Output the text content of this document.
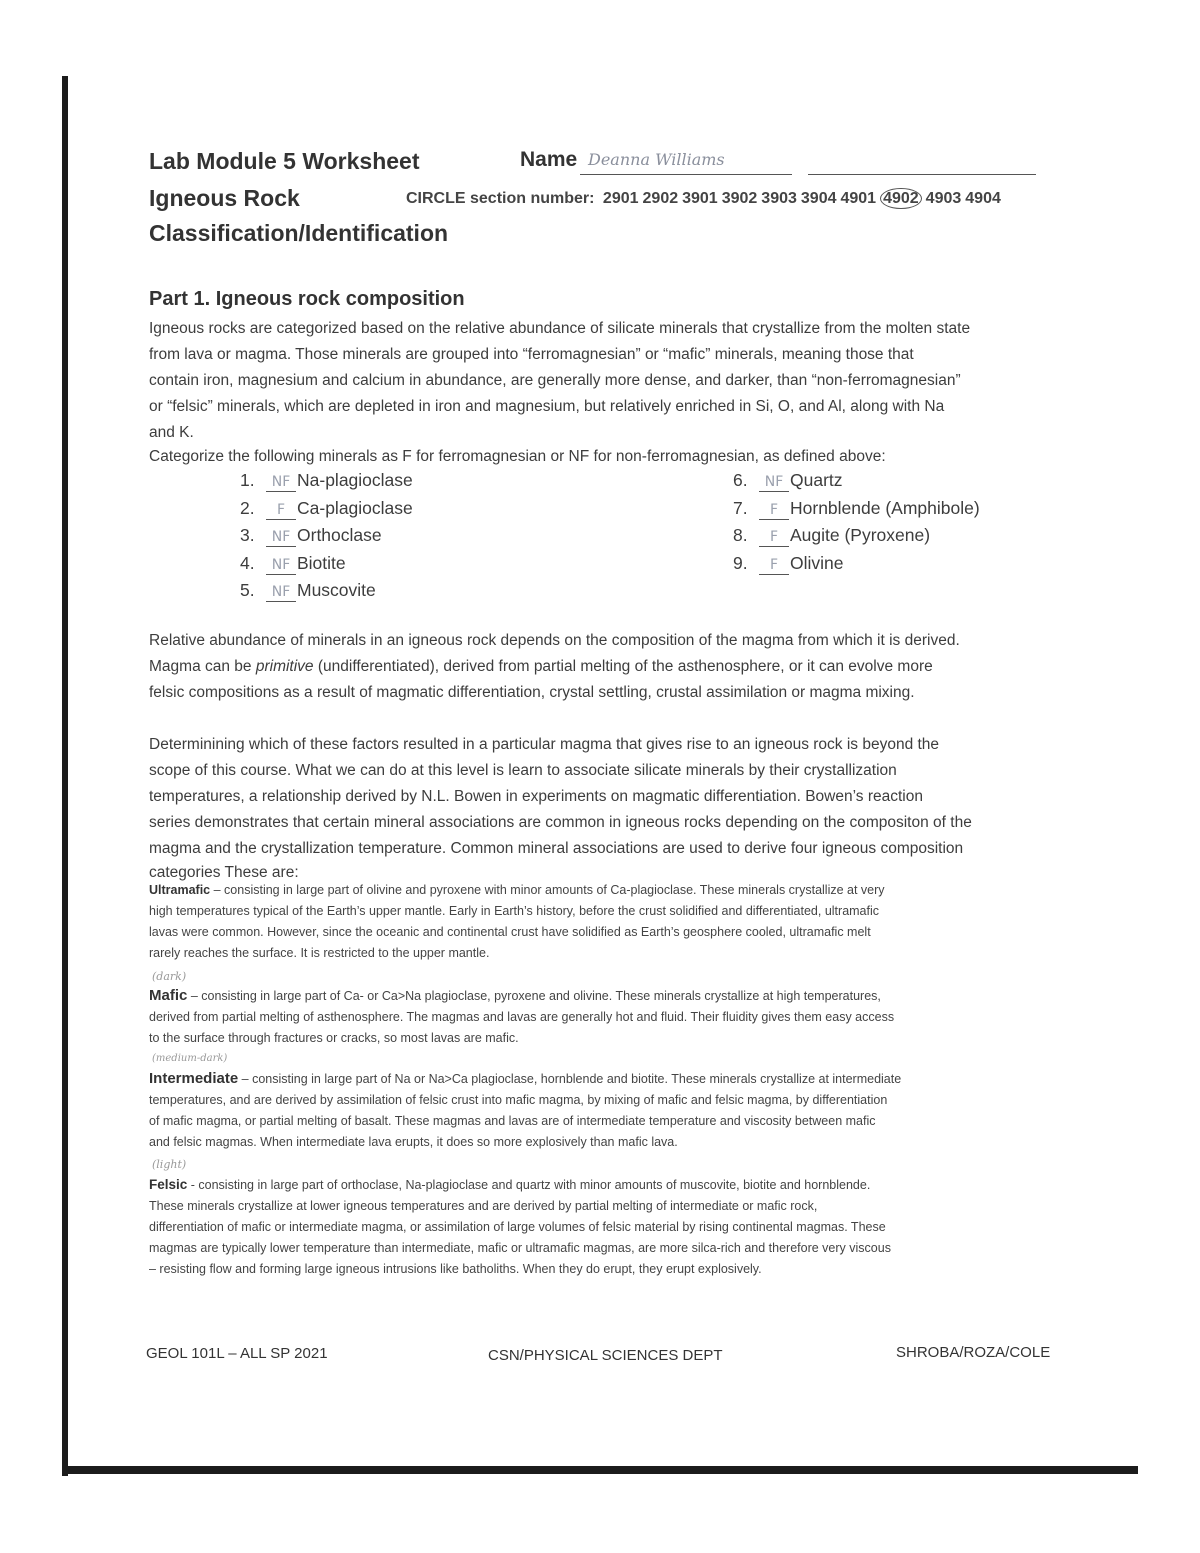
Lab Module 5 Worksheet
Igneous Rock
Classification/Identification
Name Deanna Williams
CIRCLE section number: 2901 2902 3901 3902 3903 3904 4901 4902 4903 4904
Part 1. Igneous rock composition
Igneous rocks are categorized based on the relative abundance of silicate minerals that crystallize from the molten state
from lava or magma. Those minerals are grouped into “ferromagnesian” or “mafic” minerals, meaning those that
contain iron, magnesium and calcium in abundance, are generally more dense, and darker, than “non-ferromagnesian”
or “felsic” minerals, which are depleted in iron and magnesium, but relatively enriched in Si, O, and Al, along with Na
and K.
Categorize the following minerals as F for ferromagnesian or NF for non-ferromagnesian, as defined above:
1. NF Na-plagioclase
2. F Ca-plagioclase
3. NF Orthoclase
4. NF Biotite
5. NF Muscovite
6. NF Quartz
7. F Hornblende (Amphibole)
8. F Augite (Pyroxene)
9. F Olivine
Relative abundance of minerals in an igneous rock depends on the composition of the magma from which it is derived.
Magma can be primitive (undifferentiated), derived from partial melting of the asthenosphere, or it can evolve more
felsic compositions as a result of magmatic differentiation, crystal settling, crustal assimilation or magma mixing.
Determinining which of these factors resulted in a particular magma that gives rise to an igneous rock is beyond the
scope of this course. What we can do at this level is learn to associate silicate minerals by their crystallization
temperatures, a relationship derived by N.L. Bowen in experiments on magmatic differentiation. Bowen’s reaction
series demonstrates that certain mineral associations are common in igneous rocks depending on the compositon of the
magma and the crystallization temperature. Common mineral associations are used to derive four igneous composition
categories These are:
Ultramafic – consisting in large part of olivine and pyroxene with minor amounts of Ca-plagioclase. These minerals crystallize at very
high temperatures typical of the Earth’s upper mantle. Early in Earth’s history, before the crust solidified and differentiated, ultramafic
lavas were common. However, since the oceanic and continental crust have solidified as Earth’s geosphere cooled, ultramafic melt
rarely reaches the surface. It is restricted to the upper mantle.
(dark)
Mafic – consisting in large part of Ca- or Ca>Na plagioclase, pyroxene and olivine. These minerals crystallize at high temperatures,
derived from partial melting of asthenosphere. The magmas and lavas are generally hot and fluid. Their fluidity gives them easy access
to the surface through fractures or cracks, so most lavas are mafic.
(medium-dark)
Intermediate – consisting in large part of Na or Na>Ca plagioclase, hornblende and biotite. These minerals crystallize at intermediate
temperatures, and are derived by assimilation of felsic crust into mafic magma, by mixing of mafic and felsic magma, by differentiation
of mafic magma, or partial melting of basalt. These magmas and lavas are of intermediate temperature and viscosity between mafic
and felsic magmas. When intermediate lava erupts, it does so more explosively than mafic lava.
(light)
Felsic - consisting in large part of orthoclase, Na-plagioclase and quartz with minor amounts of muscovite, biotite and hornblende.
These minerals crystallize at lower igneous temperatures and are derived by partial melting of intermediate or mafic rock,
differentiation of mafic or intermediate magma, or assimilation of large volumes of felsic material by rising continental magmas. These
magmas are typically lower temperature than intermediate, mafic or ultramafic magmas, are more silca-rich and therefore very viscous
– resisting flow and forming large igneous intrusions like batholiths. When they do erupt, they erupt explosively.
GEOL 101L – ALL SP 2021	CSN/PHYSICAL SCIENCES DEPT	SHROBA/ROZA/COLE
